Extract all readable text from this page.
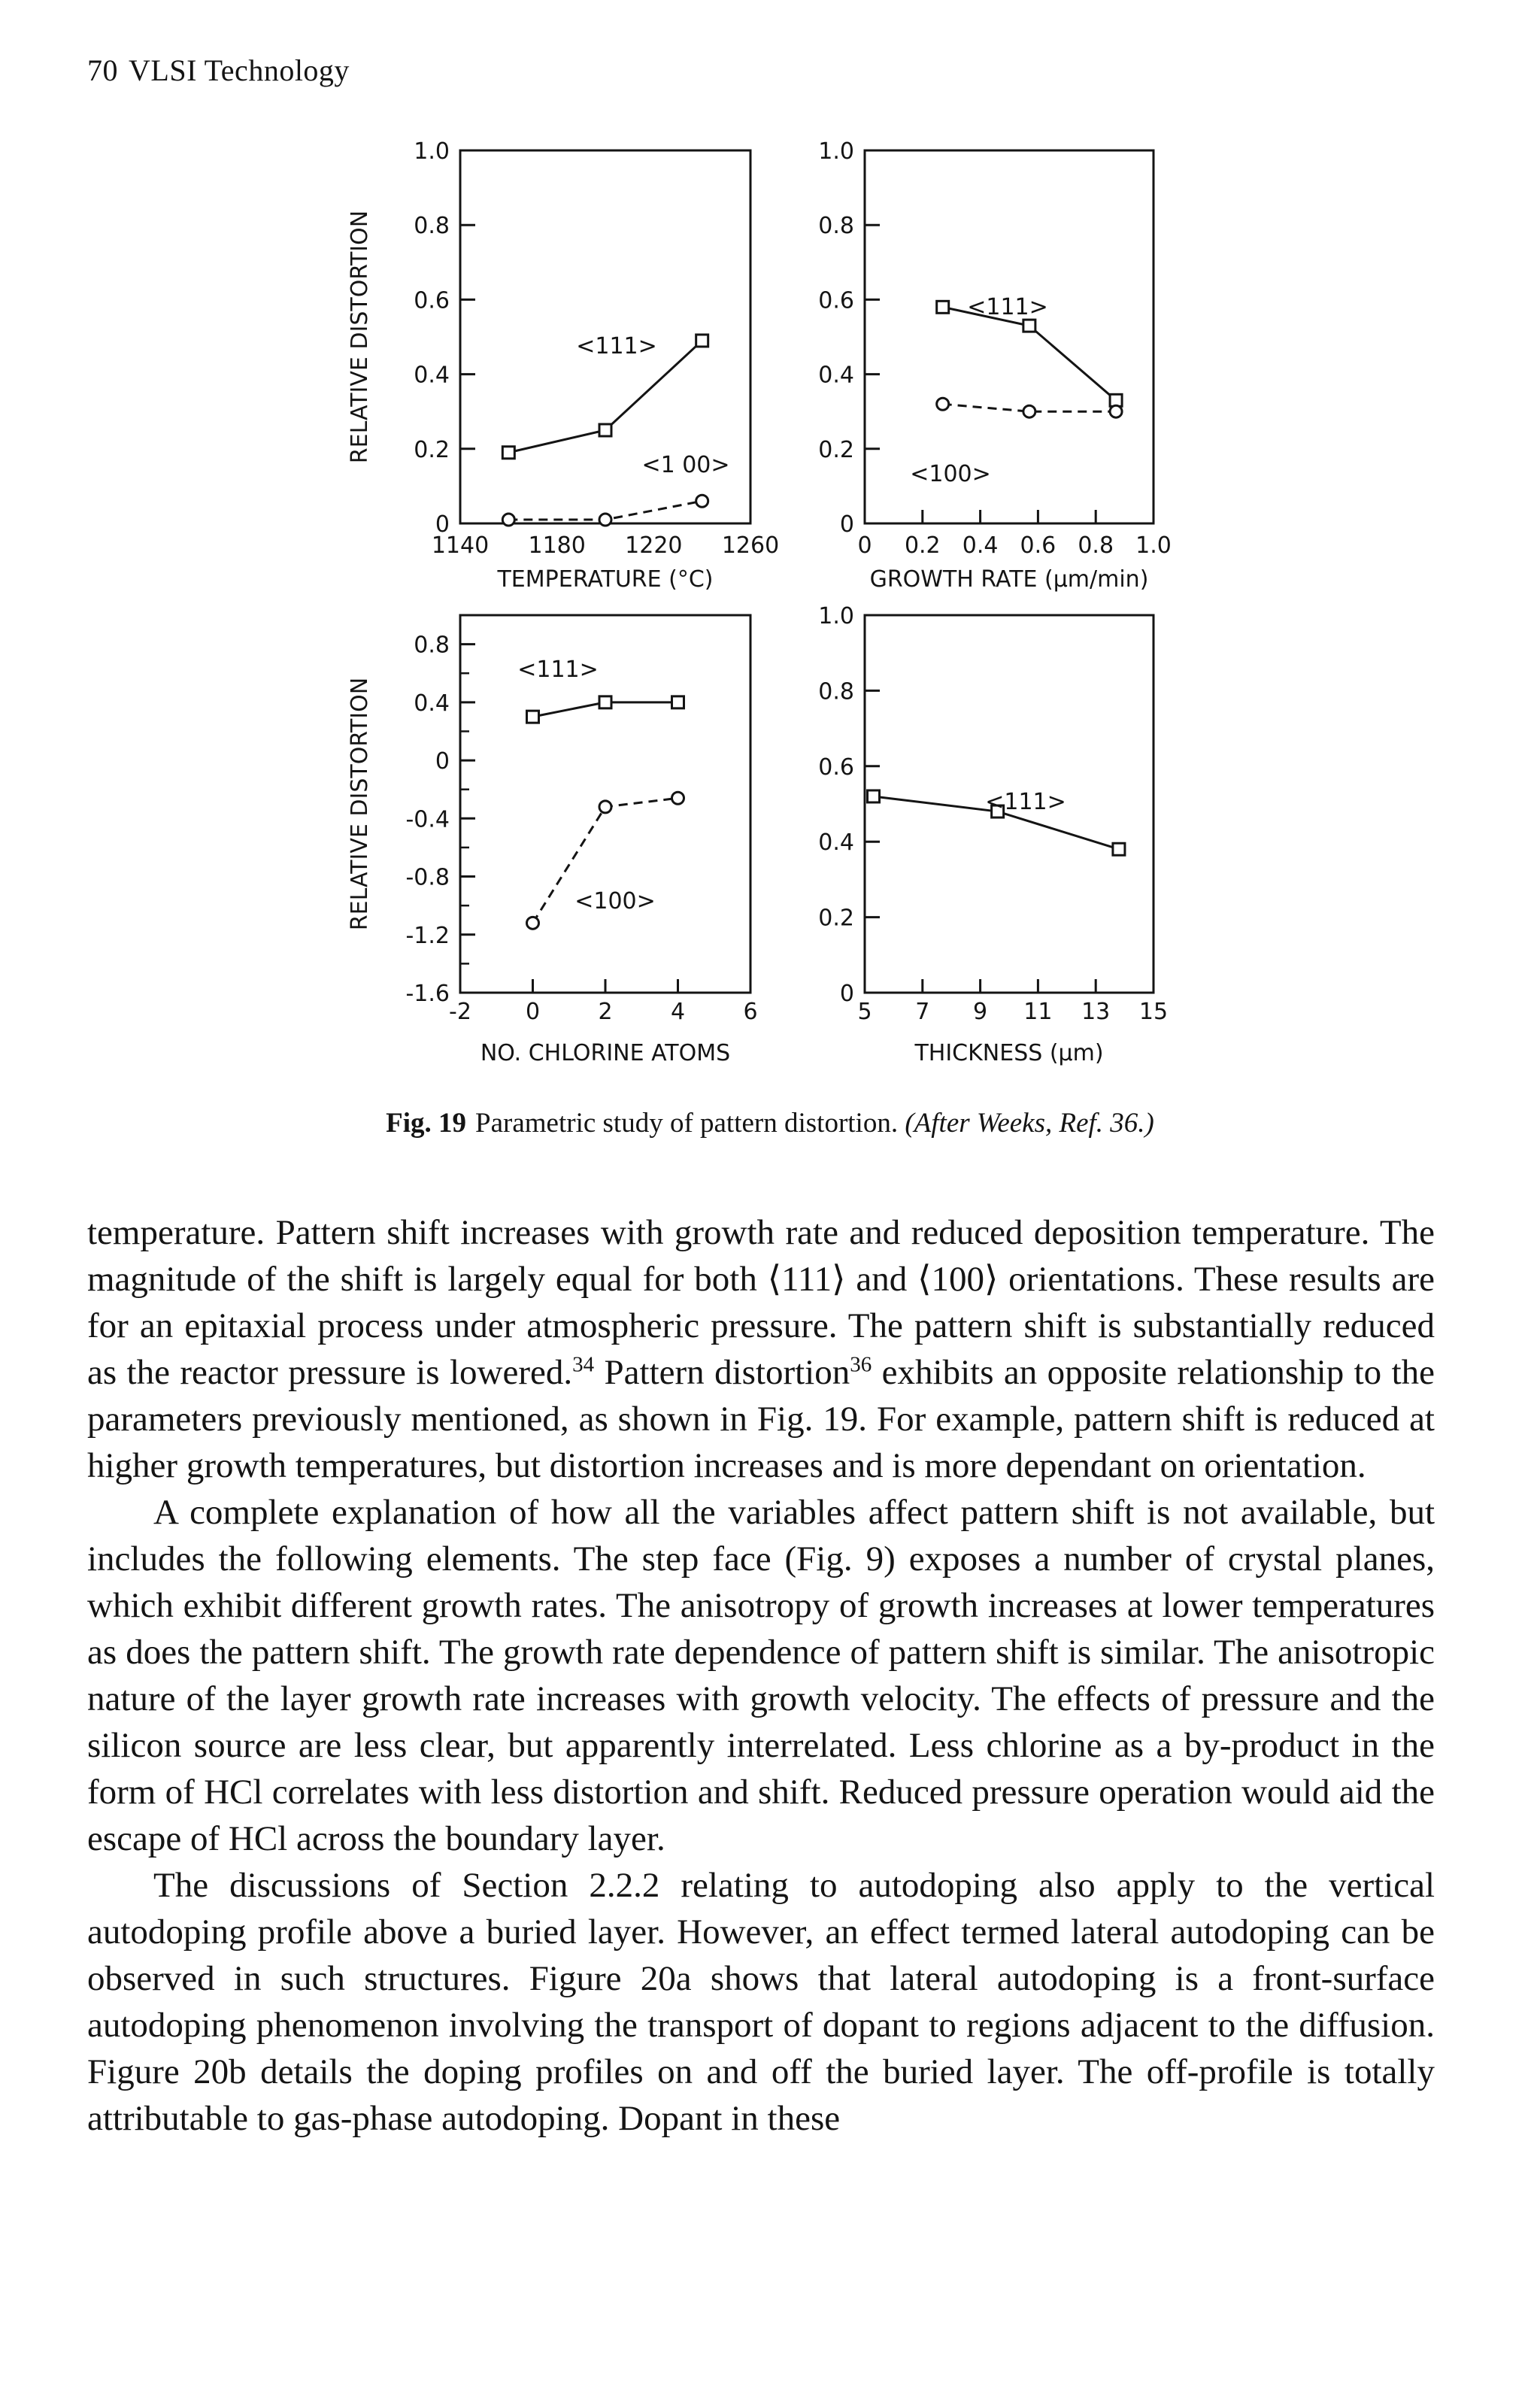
70 VLSI Technology
1.0
0.8
0.6
0.4
0.2
0
1140 1180 1220 1260
TEMPERATURE (°C)
RELATIVE DISTORTION	<111>
<1 00>
1.0
0.8
0.6
0.4
0.2
0
0 0.2 0.4 0.6 0.8 1.0
GROWTH RATE (µm/min)
<111>
<100>
0.8
0.4
0
-0.4
-0.8
-1.2
-1.6
-2 0	2	4	6
NO. CHLORINE ATOMS
RELATIVE DISTORTION
<111>
<100>
1.0
0.8
0.6
0.4
0.2
0
5 7 9 11 13 15
THICKNESS (µm)
<111>
Fig. 19 Parametric study of pattern distortion. (After Weeks, Ref. 36.)

temperature. Pattern shift increases with growth rate and reduced deposition temperature. The magnitude of the shift is largely equal for both ⟨111⟩ and ⟨100⟩ orientations. These results are for an epitaxial process under atmospheric pressure. The pattern shift is substantially reduced as the reactor pressure is lowered.$^{34}$ Pattern distortion$^{36}$ exhibits an opposite relationship to the parameters previously mentioned, as shown in Fig. 19. For example, pattern shift is reduced at higher growth temperatures, but distortion increases and is more dependant on orientation.

A complete explanation of how all the variables affect pattern shift is not available, but includes the following elements. The step face (Fig. 9) exposes a number of crystal planes, which exhibit different growth rates. The anisotropy of growth increases at lower temperatures as does the pattern shift. The growth rate dependence of pattern shift is similar. The anisotropic nature of the layer growth rate increases with growth velocity. The effects of pressure and the silicon source are less clear, but apparently interrelated. Less chlorine as a by-product in the form of HCl correlates with less distortion and shift. Reduced pressure operation would aid the escape of HCl across the boundary layer.

The discussions of Section 2.2.2 relating to autodoping also apply to the vertical autodoping profile above a buried layer. However, an effect termed lateral autodoping can be observed in such structures. Figure 20a shows that lateral autodoping is a front-surface autodoping phenomenon involving the transport of dopant to regions adjacent to the diffusion. Figure 20b details the doping profiles on and off the buried layer. The off-profile is totally attributable to gas-phase autodoping. Dopant in these
